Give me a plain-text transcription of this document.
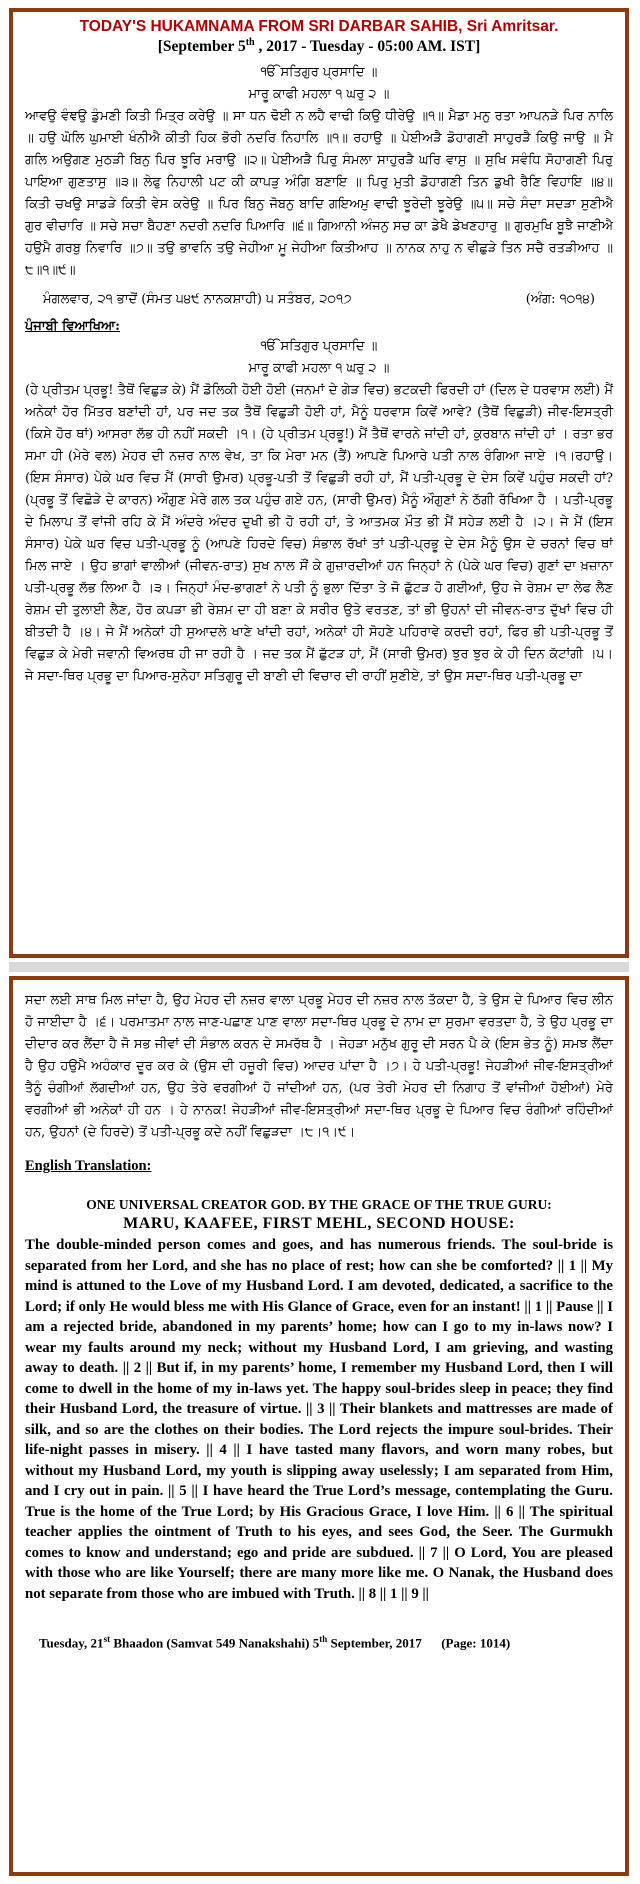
TODAY'S HUKAMNAMA FROM SRI DARBAR SAHIB, Sri Amritsar.

[September 5th , 2017 - Tuesday - 05:00 AM. IST]

ੴ ਸਤਿਗੁਰ ਪ੍ਰਸਾਦਿ ॥

ਮਾਰੂ ਕਾਫੀ ਮਹਲਾ ੧ ਘਰੁ ੨ ॥

ਆਵਉ ਵੰਞਉ ਡੁੰਮਣੀ ਕਿਤੀ ਮਿਤ੍ਰ ਕਰੇਉ ॥ ਸਾ ਧਨ ਢੋਈ ਨ ਲਹੈ ਵਾਢੀ ਕਿਉ ਧੀਰੇਉ ॥੧॥ ਮੈਡਾ ਮਨੁ ਰਤਾ ਆਪਨੜੇ ਪਿਰ ਨਾਲਿ ॥ ਹਉ ਘੋਲਿ ਘੁਮਾਈ ਖੰਨੀਐ ਕੀਤੀ ਹਿਕ ਭੋਰੀ ਨਦਰਿ ਨਿਹਾਲਿ ॥੧॥ ਰਹਾਉ ॥ ਪੇਈਅੜੈ ਡੋਹਾਗਣੀ ਸਾਹੁਰੜੈ ਕਿਉ ਜਾਉ ॥ ਮੈ ਗਲਿ ਅਉਗਣ ਮੁਠੜੀ ਬਿਨੁ ਪਿਰ ਝੂਰਿ ਮਰਾਉ ॥੨॥ ਪੇਈਅੜੈ ਪਿਰੁ ਸੰਮਲਾ ਸਾਹੁਰੜੈ ਘਰਿ ਵਾਸੁ ॥ ਸੁਖਿ ਸਵੰਧਿ ਸੋਹਾਗਣੀ ਪਿਰੁ ਪਾਇਆ ਗੁਣਤਾਸੁ ॥੩॥ ਲੇਫੁ ਨਿਹਾਲੀ ਪਟ ਕੀ ਕਾਪੜੁ ਅੰਗਿ ਬਣਾਇ ॥ ਪਿਰੁ ਮੁਤੀ ਡੋਹਾਗਣੀ ਤਿਨ ਡੁਖੀ ਰੈਣਿ ਵਿਹਾਇ ॥੪॥ ਕਿਤੀ ਚਖਉ ਸਾਡੜੇ ਕਿਤੀ ਵੇਸ ਕਰੇਉ ॥ ਪਿਰ ਬਿਨੁ ਜੋਬਨੁ ਬਾਦਿ ਗਇਅਮੁ ਵਾਢੀ ਝੂਰੇਦੀ ਝੂਰੇਉ ॥੫॥ ਸਚੇ ਸੰਦਾ ਸਦੜਾ ਸੁਣੀਐ ਗੁਰ ਵੀਚਾਰਿ ॥ ਸਚੇ ਸਚਾ ਬੈਹਣਾ ਨਦਰੀ ਨਦਰਿ ਪਿਆਰਿ ॥੬॥ ਗਿਆਨੀ ਅੰਜਨੁ ਸਚ ਕਾ ਡੇਖੈ ਡੇਖਣਹਾਰੁ ॥ ਗੁਰਮੁਖਿ ਬੂਝੈ ਜਾਣੀਐ ਹਉਮੈ ਗਰਬੁ ਨਿਵਾਰਿ ॥੭॥ ਤਉ ਭਾਵਨਿ ਤਉ ਜੇਹੀਆ ਮੂ ਜੇਹੀਆ ਕਿਤੀਆਹ ॥ ਨਾਨਕ ਨਾਹੁ ਨ ਵੀਛੁੜੇ ਤਿਨ ਸਚੈ ਰਤੜੀਆਹ ॥੮॥੧॥੯॥

ਮੰਗਲਵਾਰ, ੨੧ ਭਾਦੋਂ (ਸੰਮਤ ੫੪੯ ਨਾਨਕਸ਼ਾਹੀ) ੫ ਸਤੰਬਰ, ੨੦੧੭	(ਅੰਗ: ੧੦੧੪)

ਪੰਜਾਬੀ ਵਿਆਖਿਆ:

ੴ ਸਤਿਗੁਰ ਪ੍ਰਸਾਦਿ ॥

ਮਾਰੂ ਕਾਫੀ ਮਹਲਾ ੧ ਘਰੁ ੨ ॥

(ਹੇ ਪ੍ਰੀਤਮ ਪ੍ਰਭੂ! ਤੈਥੋਂ ਵਿਛੁੜ ਕੇ) ਮੈਂ ਡੋਲਿਕੀ ਹੋਈ ਹੋਈ (ਜਨਮਾਂ ਦੇ ਗੇੜ ਵਿਚ) ਭਟਕਦੀ ਫਿਰਦੀ ਹਾਂ (ਦਿਲ ਦੇ ਧਰਵਾਸ ਲਈ) ਮੈਂ ਅਨੇਕਾਂ ਹੋਰ ਮਿੱਤਰ ਬਣਾਂਦੀ ਹਾਂ, ਪਰ ਜਦ ਤਕ ਤੈਥੋਂ ਵਿਛੁੜੀ ਹੋਈ ਹਾਂ, ਮੈਨੂੰ ਧਰਵਾਸ ਕਿਵੇਂ ਆਵੇ? (ਤੈਥੋਂ ਵਿਛੁੜੀ) ਜੀਵ-ਇਸਤ੍ਰੀ (ਕਿਸੇ ਹੋਰ ਥਾਂ) ਆਸਰਾ ਲੱਭ ਹੀ ਨਹੀਂ ਸਕਦੀ ।੧। (ਹੇ ਪ੍ਰੀਤਮ ਪ੍ਰਭੂ!) ਮੈਂ ਤੈਥੋਂ ਵਾਰਨੇ ਜਾਂਦੀ ਹਾਂ, ਕੁਰਬਾਨ ਜਾਂਦੀ ਹਾਂ । ਰਤਾ ਭਰ ਸਮਾ ਹੀ (ਮੇਰੇ ਵਲ) ਮੇਹਰ ਦੀ ਨਜ਼ਰ ਨਾਲ ਵੇਖ, ਤਾ ਕਿ ਮੇਰਾ ਮਨ (ਤੈਂ) ਆਪਣੇ ਪਿਆਰੇ ਪਤੀ ਨਾਲ ਰੰਗਿਆ ਜਾਏ ।੧।ਰਹਾਉ। (ਇਸ ਸੰਸਾਰ) ਪੇਕੇ ਘਰ ਵਿਚ ਮੈਂ (ਸਾਰੀ ਉਮਰ) ਪ੍ਰਭੂ-ਪਤੀ ਤੋਂ ਵਿਛੁੜੀ ਰਹੀ ਹਾਂ, ਮੈਂ ਪਤੀ-ਪ੍ਰਭੂ ਦੇ ਦੇਸ ਕਿਵੇਂ ਪਹੁੰਚ ਸਕਦੀ ਹਾਂ? (ਪ੍ਰਭੂ ਤੋਂ ਵਿਛੋੜੇ ਦੇ ਕਾਰਨ) ਔਗੁਣ ਮੇਰੇ ਗਲ ਤਕ ਪਹੁੰਚ ਗਏ ਹਨ, (ਸਾਰੀ ਉਮਰ) ਮੈਨੂੰ ਔਗੁਣਾਂ ਨੇ ਠੱਗੀ ਰੱਖਿਆ ਹੈ । ਪਤੀ-ਪ੍ਰਭੂ ਦੇ ਮਿਲਾਪ ਤੋਂ ਵਾਂਜੀ ਰਹਿ ਕੇ ਮੈਂ ਅੰਦਰੇ ਅੰਦਰ ਦੁਖੀ ਭੀ ਹੋ ਰਹੀ ਹਾਂ, ਤੇ ਆਤਮਕ ਮੌਤ ਭੀ ਮੈਂ ਸਹੇੜ ਲਈ ਹੈ ।੨। ਜੇ ਮੈਂ (ਇਸ ਸੰਸਾਰ) ਪੇਕੇ ਘਰ ਵਿਚ ਪਤੀ-ਪ੍ਰਭੂ ਨੂੰ (ਆਪਣੇ ਹਿਰਦੇ ਵਿਚ) ਸੰਭਾਲ ਰੱਖਾਂ ਤਾਂ ਪਤੀ-ਪ੍ਰਭੂ ਦੇ ਦੇਸ ਮੈਨੂੰ ਉਸ ਦੇ ਚਰਨਾਂ ਵਿਚ ਥਾਂ ਮਿਲ ਜਾਏ । ਉਹ ਭਾਗਾਂ ਵਾਲੀਆਂ (ਜੀਵਨ-ਰਾਤ) ਸੁਖ ਨਾਲ ਸੌਂ ਕੇ ਗੁਜ਼ਾਰਦੀਆਂ ਹਨ ਜਿਨ੍ਹਾਂ ਨੇ (ਪੇਕੇ ਘਰ ਵਿਚ) ਗੁਣਾਂ ਦਾ ਖ਼ਜ਼ਾਨਾ ਪਤੀ-ਪ੍ਰਭੂ ਲੱਭ ਲਿਆ ਹੈ ।੩। ਜਿਨ੍ਹਾਂ ਮੰਦ-ਭਾਗਣਾਂ ਨੇ ਪਤੀ ਨੂੰ ਭੁਲਾ ਦਿੱਤਾ ਤੇ ਜੋ ਛੁੱਟੜ ਹੋ ਗਈਆਂ, ਉਹ ਜੇ ਰੇਸ਼ਮ ਦਾ ਲੇਫ ਲੈਣ ਰੇਸ਼ਮ ਦੀ ਤੁਲਾਈ ਲੈਣ, ਹੋਰ ਕਪੜਾ ਭੀ ਰੇਸ਼ਮ ਦਾ ਹੀ ਬਣਾ ਕੇ ਸਰੀਰ ਉਤੇ ਵਰਤਣ, ਤਾਂ ਭੀ ਉਹਨਾਂ ਦੀ ਜੀਵਨ-ਰਾਤ ਦੁੱਖਾਂ ਵਿਚ ਹੀ ਬੀਤਦੀ ਹੈ ।੪। ਜੇ ਮੈਂ ਅਨੇਕਾਂ ਹੀ ਸੁਆਦਲੇ ਖਾਣੇ ਖਾਂਦੀ ਰਹਾਂ, ਅਨੇਕਾਂ ਹੀ ਸੋਹਣੇ ਪਹਿਰਾਵੇ ਕਰਦੀ ਰਹਾਂ, ਫਿਰ ਭੀ ਪਤੀ-ਪ੍ਰਭੂ ਤੋਂ ਵਿਛੁੜ ਕੇ ਮੇਰੀ ਜਵਾਨੀ ਵਿਅਰਥ ਹੀ ਜਾ ਰਹੀ ਹੈ । ਜਦ ਤਕ ਮੈਂ ਛੁੱਟੜ ਹਾਂ, ਮੈਂ (ਸਾਰੀ ਉਮਰ) ਝੁਰ ਝੁਰ ਕੇ ਹੀ ਦਿਨ ਕੱਟਾਂਗੀ ।੫। ਜੇ ਸਦਾ-ਥਿਰ ਪ੍ਰਭੂ ਦਾ ਪਿਆਰ-ਸੁਨੇਹਾ ਸਤਿਗੁਰੂ ਦੀ ਬਾਣੀ ਦੀ ਵਿਚਾਰ ਦੀ ਰਾਹੀਂ ਸੁਣੀਏ, ਤਾਂ ਉਸ ਸਦਾ-ਥਿਰ ਪਤੀ-ਪ੍ਰਭੂ ਦਾ

ਸਦਾ ਲਈ ਸਾਥ ਮਿਲ ਜਾਂਦਾ ਹੈ, ਉਹ ਮੇਹਰ ਦੀ ਨਜ਼ਰ ਵਾਲਾ ਪ੍ਰਭੂ ਮੇਹਰ ਦੀ ਨਜ਼ਰ ਨਾਲ ਤੱਕਦਾ ਹੈ, ਤੇ ਉਸ ਦੇ ਪਿਆਰ ਵਿਚ ਲੀਨ ਹੋ ਜਾਈਦਾ ਹੈ ।੬। ਪਰਮਾਤਮਾ ਨਾਲ ਜਾਣ-ਪਛਾਣ ਪਾਣ ਵਾਲਾ ਸਦਾ-ਥਿਰ ਪ੍ਰਭੂ ਦੇ ਨਾਮ ਦਾ ਸੁਰਮਾ ਵਰਤਦਾ ਹੈ, ਤੇ ਉਹ ਪ੍ਰਭੂ ਦਾ ਦੀਦਾਰ ਕਰ ਲੈਂਦਾ ਹੈ ਜੋ ਸਭ ਜੀਵਾਂ ਦੀ ਸੰਭਾਲ ਕਰਨ ਦੇ ਸਮਰੱਥ ਹੈ । ਜੇਹੜਾ ਮਨੁੱਖ ਗੁਰੂ ਦੀ ਸਰਨ ਪੈ ਕੇ (ਇਸ ਭੇਤ ਨੂੰ) ਸਮਝ ਲੈਂਦਾ ਹੈ ਉਹ ਹਉਮੈ ਅਹੰਕਾਰ ਦੂਰ ਕਰ ਕੇ (ਉਸ ਦੀ ਹਜ਼ੂਰੀ ਵਿਚ) ਆਦਰ ਪਾਂਦਾ ਹੈ ।੭। ਹੇ ਪਤੀ-ਪ੍ਰਭੂ! ਜੇਹੜੀਆਂ ਜੀਵ-ਇਸਤ੍ਰੀਆਂ ਤੈਨੂੰ ਚੰਗੀਆਂ ਲੱਗਦੀਆਂ ਹਨ, ਉਹ ਤੇਰੇ ਵਰਗੀਆਂ ਹੋ ਜਾਂਦੀਆਂ ਹਨ, (ਪਰ ਤੇਰੀ ਮੇਹਰ ਦੀ ਨਿਗਾਹ ਤੋਂ ਵਾਂਜੀਆਂ ਹੋਈਆਂ) ਮੇਰੇ ਵਰਗੀਆਂ ਭੀ ਅਨੇਕਾਂ ਹੀ ਹਨ । ਹੇ ਨਾਨਕ! ਜੇਹੜੀਆਂ ਜੀਵ-ਇਸਤ੍ਰੀਆਂ ਸਦਾ-ਥਿਰ ਪ੍ਰਭੂ ਦੇ ਪਿਆਰ ਵਿਚ ਰੰਗੀਆਂ ਰਹਿੰਦੀਆਂ ਹਨ, ਉਹਨਾਂ (ਦੇ ਹਿਰਦੇ) ਤੋਂ ਪਤੀ-ਪ੍ਰਭੂ ਕਦੇ ਨਹੀਂ ਵਿਛੁੜਦਾ ।੮।੧।੯।

English Translation:

ONE UNIVERSAL CREATOR GOD. BY THE GRACE OF THE TRUE GURU:

MARU, KAAFEE, FIRST MEHL, SECOND HOUSE:

The double-minded person comes and goes, and has numerous friends. The soul-bride is separated from her Lord, and she has no place of rest; how can she be comforted? || 1 || My mind is attuned to the Love of my Husband Lord. I am devoted, dedicated, a sacrifice to the Lord; if only He would bless me with His Glance of Grace, even for an instant! || 1 || Pause || I am a rejected bride, abandoned in my parents’ home; how can I go to my in-laws now? I wear my faults around my neck; without my Husband Lord, I am grieving, and wasting away to death. || 2 || But if, in my parents’ home, I remember my Husband Lord, then I will come to dwell in the home of my in-laws yet. The happy soul-brides sleep in peace; they find their Husband Lord, the treasure of virtue. || 3 || Their blankets and mattresses are made of silk, and so are the clothes on their bodies. The Lord rejects the impure soul-brides. Their life-night passes in misery. || 4 || I have tasted many flavors, and worn many robes, but without my Husband Lord, my youth is slipping away uselessly; I am separated from Him, and I cry out in pain. || 5 || I have heard the True Lord’s message, contemplating the Guru. True is the home of the True Lord; by His Gracious Grace, I love Him. || 6 || The spiritual teacher applies the ointment of Truth to his eyes, and sees God, the Seer. The Gurmukh comes to know and understand; ego and pride are subdued. || 7 || O Lord, You are pleased with those who are like Yourself; there are many more like me. O Nanak, the Husband does not separate from those who are imbued with Truth. || 8 || 1 || 9 ||

Tuesday, 21st Bhaadon (Samvat 549 Nanakshahi) 5th September, 2017 (Page: 1014)
